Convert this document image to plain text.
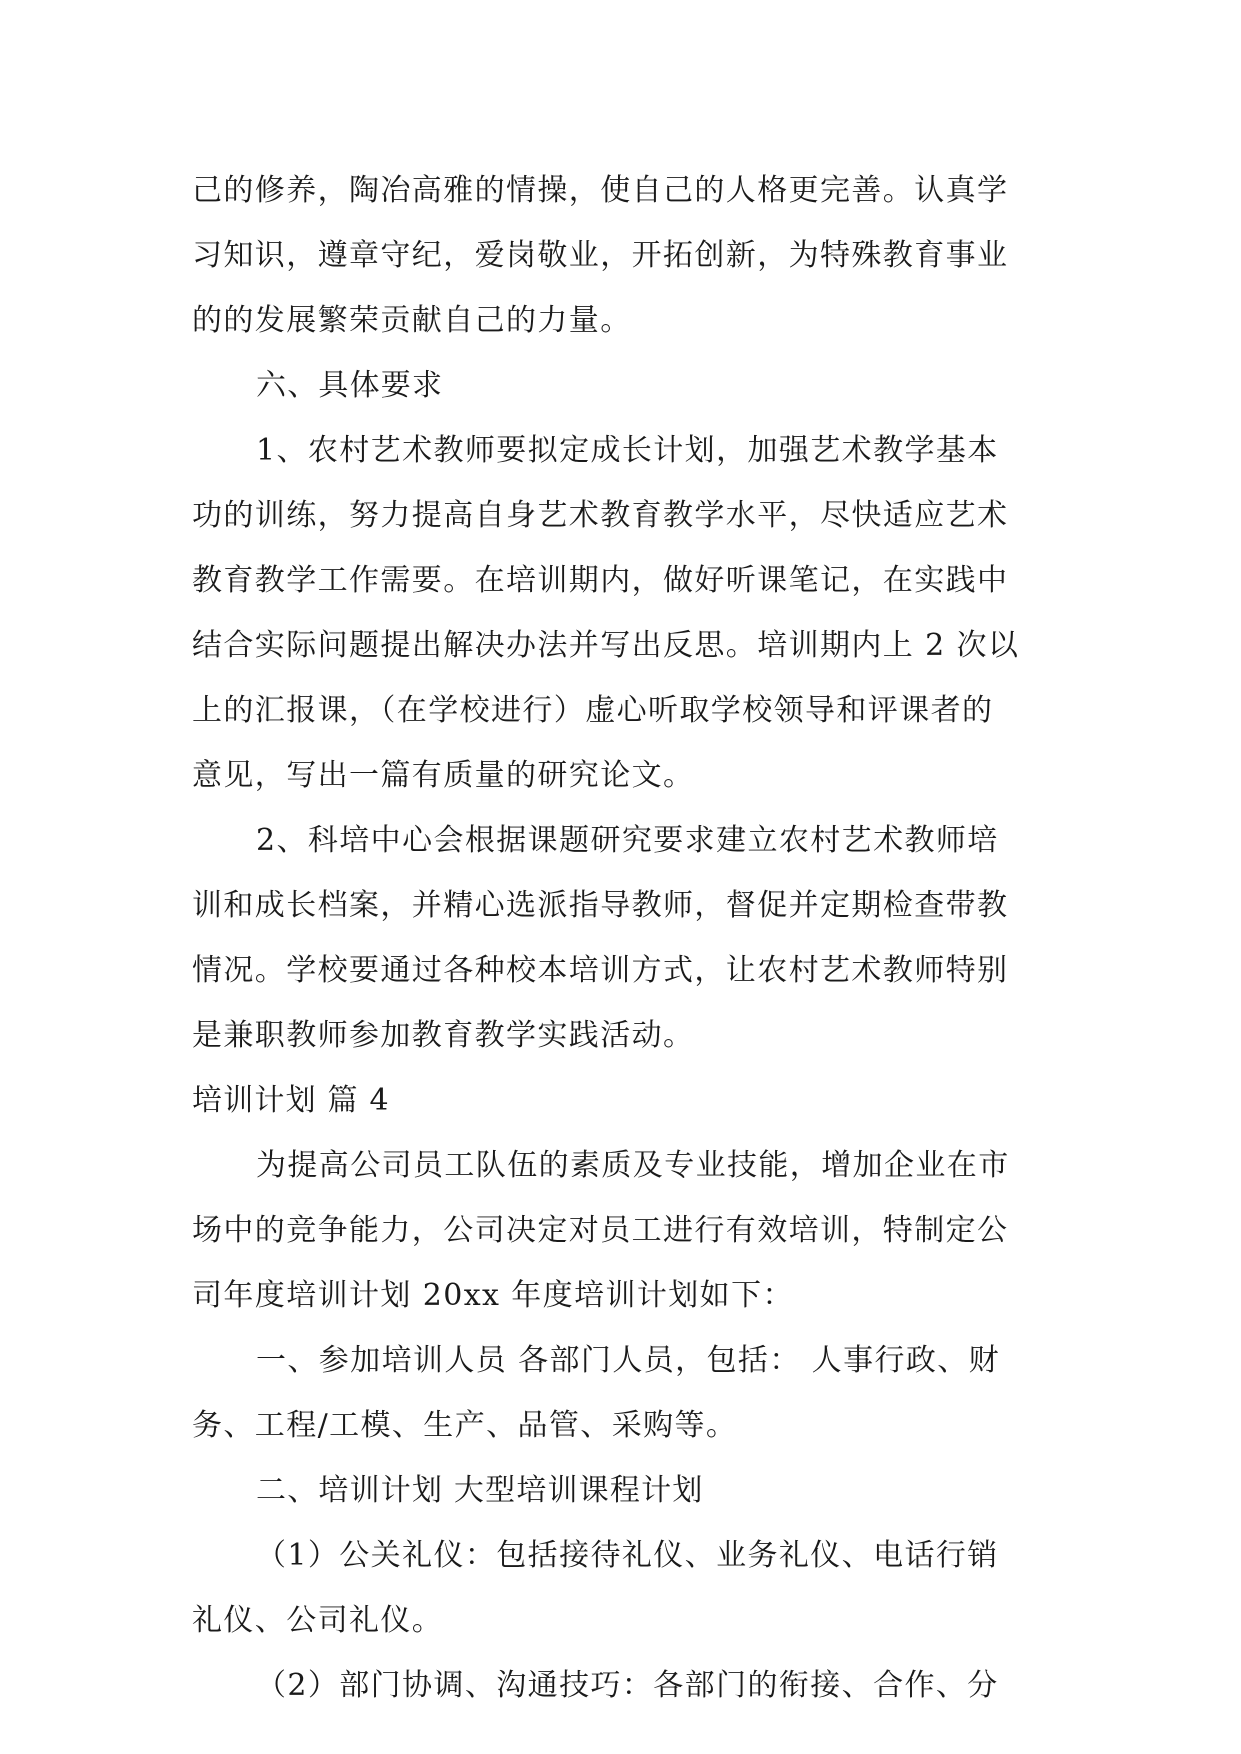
己的修养，陶冶高雅的情操，使自己的人格更完善。认真学
习知识，遵章守纪，爱岗敬业，开拓创新，为特殊教育事业
的的发展繁荣贡献自己的力量。
六、具体要求
1、农村艺术教师要拟定成长计划，加强艺术教学基本
功的训练，努力提高自身艺术教育教学水平，尽快适应艺术
教育教学工作需要。在培训期内，做好听课笔记，在实践中
结合实际问题提出解决办法并写出反思。培训期内上 2 次以
上的汇报课，（在学校进行）虚心听取学校领导和评课者的
意见，写出一篇有质量的研究论文。
2、科培中心会根据课题研究要求建立农村艺术教师培
训和成长档案，并精心选派指导教师，督促并定期检查带教
情况。学校要通过各种校本培训方式，让农村艺术教师特别
是兼职教师参加教育教学实践活动。
培训计划 篇 4
为提高公司员工队伍的素质及专业技能，增加企业在市
场中的竞争能力，公司决定对员工进行有效培训，特制定公
司年度培训计划 20xx 年度培训计划如下：
一、参加培训人员 各部门人员，包括： 人事行政、财
务、工程/工模、生产、品管、采购等。
二、培训计划 大型培训课程计划
（1）公关礼仪：包括接待礼仪、业务礼仪、电话行销
礼仪、公司礼仪。
（2）部门协调、沟通技巧：各部门的衔接、合作、分
